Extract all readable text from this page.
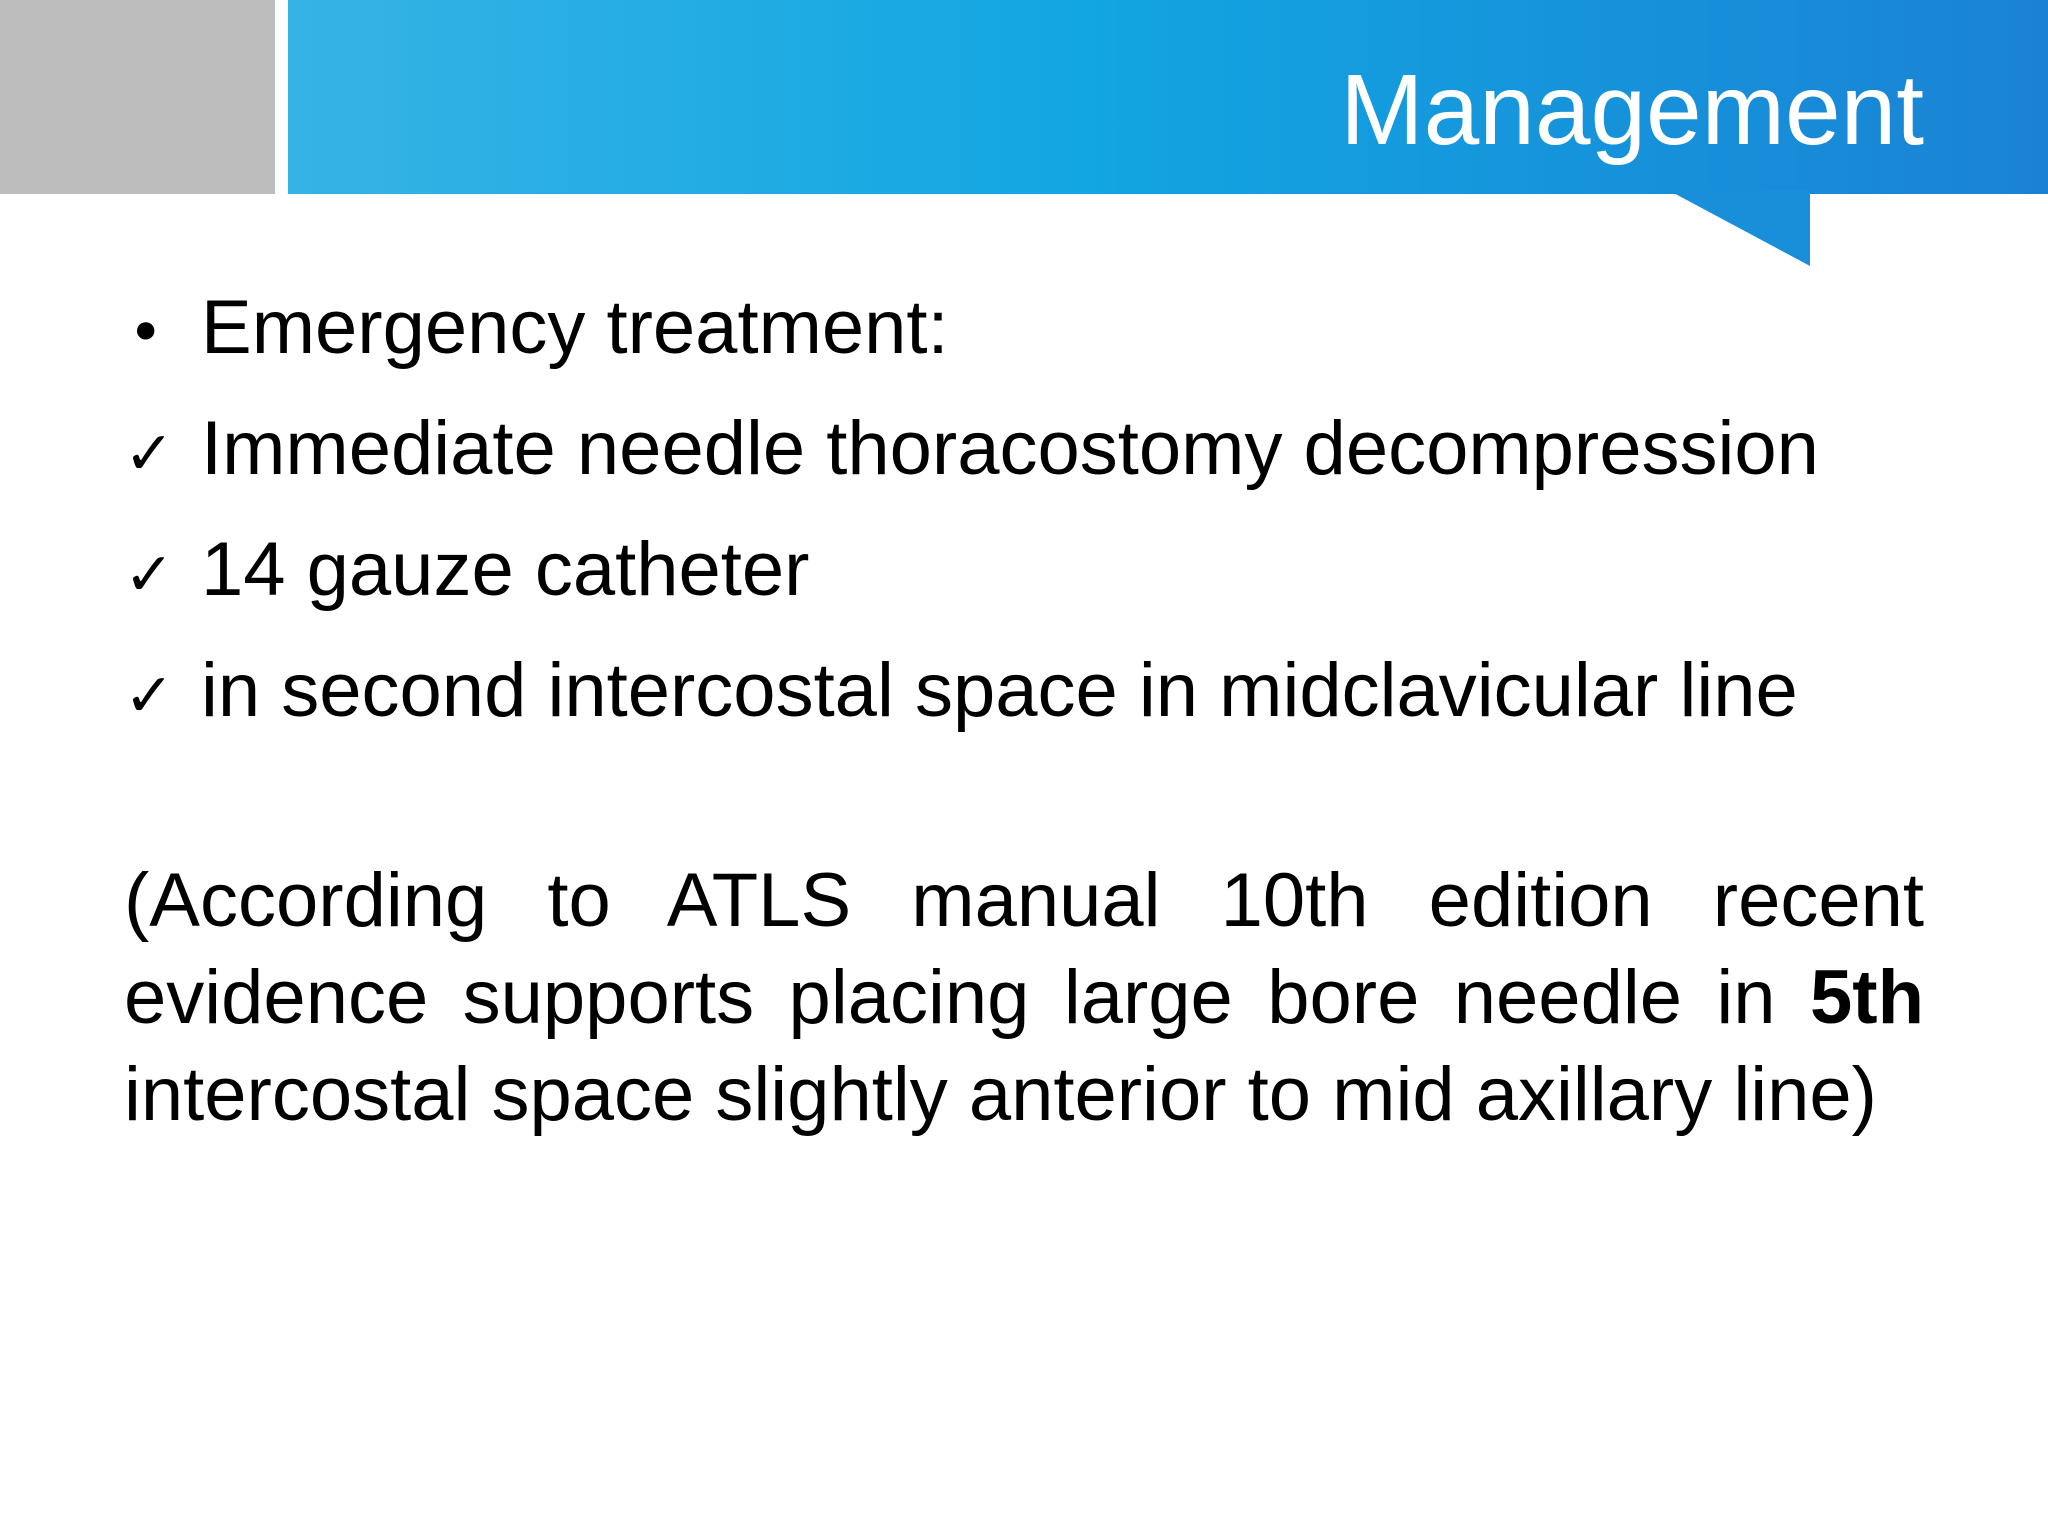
Management
• Emergency treatment:
✓ Immediate needle thoracostomy decompression
✓ 14 gauze catheter
✓ in second intercostal space in midclavicular line

(According to ATLS manual 10th edition recent evidence supports placing large bore needle in 5th intercostal space slightly anterior to mid axillary line)
